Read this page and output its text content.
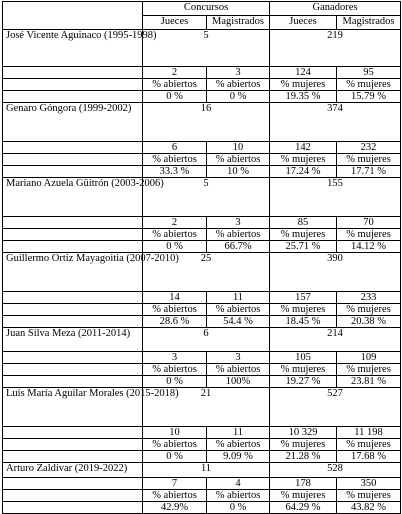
	Concursos		Ganadores	
	Jueces	Magistrados	Jueces	Magistrados
José Vicente Aguinaco (1995-1998)	5		219	
	2	3	124	95
	% abiertos	% abiertos	% mujeres	% mujeres
	0 %	0 %	19.35 %	15.79 %
Genaro Góngora (1999-2002)	16		374	
	6	10	142	232
	% abiertos	% abiertos	% mujeres	% mujeres
	33.3 %	10 %	17.24 %	17.71 %
Mariano Azuela Güitrón (2003-2006)	5		155	
	2	3	85	70
	% abiertos	% abiertos	% mujeres	% mujeres
	0 %	66.7%	25.71 %	14.12 %
Guillermo Ortiz Mayagoitia (2007-2010)	25		390	
	14	11	157	233
	% abiertos	% abiertos	% mujeres	% mujeres
	28.6 %	54.4 %	18.45 %	20.38 %
Juan Silva Meza (2011-2014)	6		214	
	3	3	105	109
	% abiertos	% abiertos	% mujeres	% mujeres
	0 %	100%	19.27 %	23.81 %
Luis María Aguilar Morales (2015-2018)	21		527	
	10	11	10 329	11 198
	% abiertos	% abiertos	% mujeres	% mujeres
	0 %	9.09 %	21.28 %	17.68 %
Arturo Zaldívar (2019-2022)	11		528	
	7	4	178	350
	% abiertos	% abiertos	% mujeres	% mujeres
	42.9%	0 %	64.29 %	43.82 %
